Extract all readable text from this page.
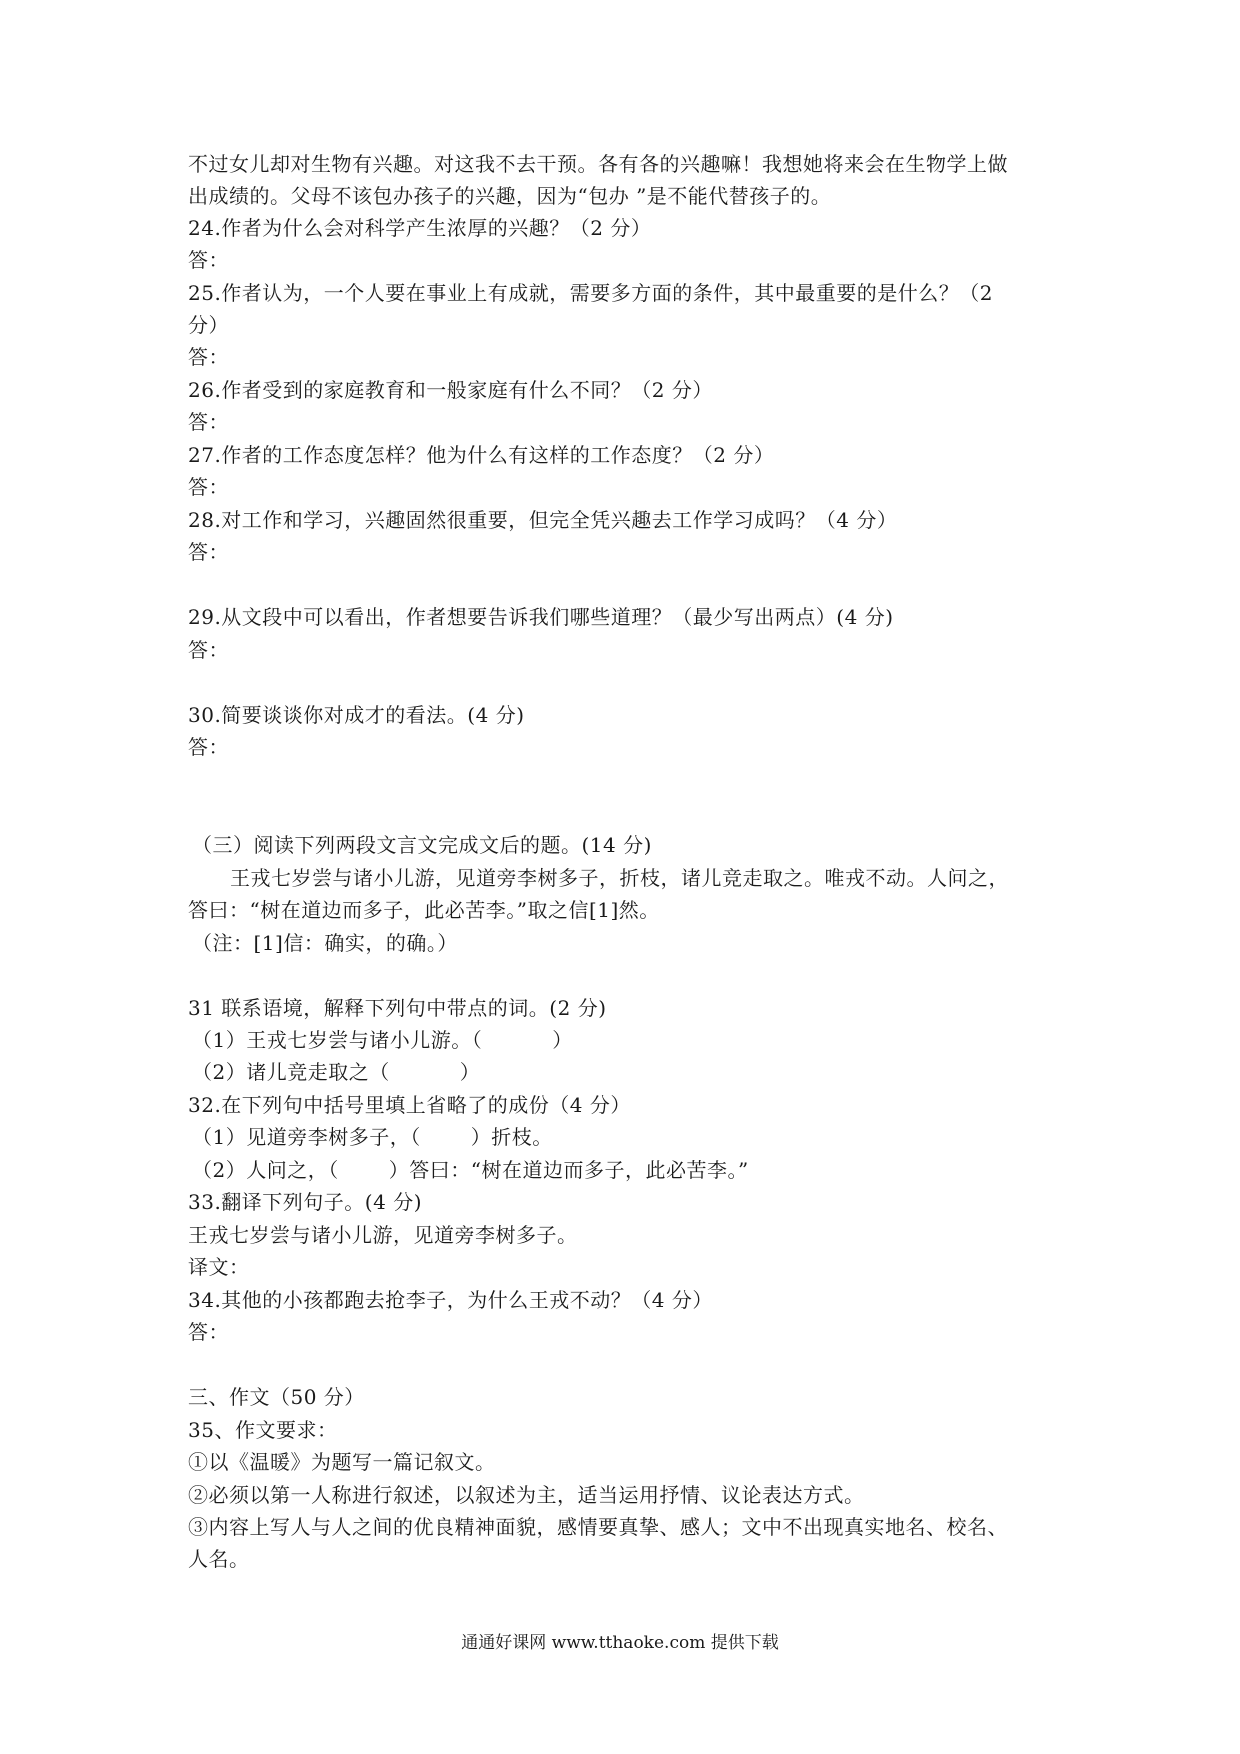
不过女儿却对生物有兴趣。对这我不去干预。各有各的兴趣嘛！我想她将来会在生物学上做
出成绩的。父母不该包办孩子的兴趣，因为“包办 ”是不能代替孩子的。
24.作者为什么会对科学产生浓厚的兴趣？（2 分）
答：
25.作者认为，一个人要在事业上有成就，需要多方面的条件，其中最重要的是什么？（2
分）
答：
26.作者受到的家庭教育和一般家庭有什么不同？（2 分）
答：
27.作者的工作态度怎样？他为什么有这样的工作态度？（2 分）
答：
28.对工作和学习，兴趣固然很重要，但完全凭兴趣去工作学习成吗？（4 分）
答：
29.从文段中可以看出，作者想要告诉我们哪些道理？（最少写出两点）(4 分)
答：
30.简要谈谈你对成才的看法。(4 分)
答：
（三）阅读下列两段文言文完成文后的题。(14 分)
王戎七岁尝与诸小儿游，见道旁李树多子，折枝，诸儿竞走取之。唯戎不动。人问之，
答曰：“树在道边而多子，此必苦李。”取之信[1]然。
（注：[1]信：确实，的确。）
31 联系语境，解释下列句中带点的词。(2 分)
（1）王戎七岁尝与诸小儿游。（	）
（2）诸儿竞走取之（	）
32.在下列句中括号里填上省略了的成份（4 分）
（1）见道旁李树多子，（	）折枝。
（2）人问之，（	）答曰：“树在道边而多子，此必苦李。”
33.翻译下列句子。(4 分)
王戎七岁尝与诸小儿游，见道旁李树多子。
译文：
34.其他的小孩都跑去抢李子，为什么王戎不动？（4 分）
答：
三、作文（50 分）
35、作文要求：
①以《温暖》为题写一篇记叙文。
②必须以第一人称进行叙述，以叙述为主，适当运用抒情、议论表达方式。
③内容上写人与人之间的优良精神面貌，感情要真挚、感人；文中不出现真实地名、校名、
人名。
通通好课网 www.tthaoke.com 提供下载
